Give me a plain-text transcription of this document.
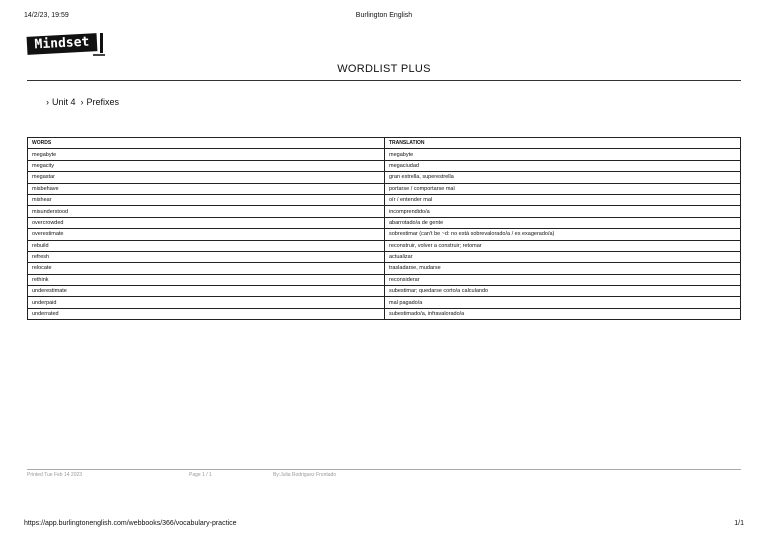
14/2/23, 19:59	Burlington English
Mindset
WORDLIST PLUS
› Unit 4 › Prefixes
WORDS	TRANSLATION
megabyte	megabyte
megacity	megaciudad
megastar	gran estrella, superestrella
misbehave	portarse / comportarse mal
mishear	oír / entender mal
misunderstood	incomprendido/a
overcrowded	abarrotado/a de gente
overestimate	sobrestimar (can't be ~d: no está sobrevalorado/a / es exagerado/a)
rebuild	reconstruir, volver a construir; retomar
refresh	actualizar
relocate	trasladarse, mudarse
rethink	reconsiderar
underestimate	subestimar; quedarse corto/a calculando
underpaid	mal pagado/a
underrated	subestimado/a, infravalorado/a
Printed Tue Feb 14 2023	Page 1 / 1	By:Julia Rodriguez Frontado
https://app.burlingtonenglish.com/webbooks/366/vocabulary-practice	1/1
